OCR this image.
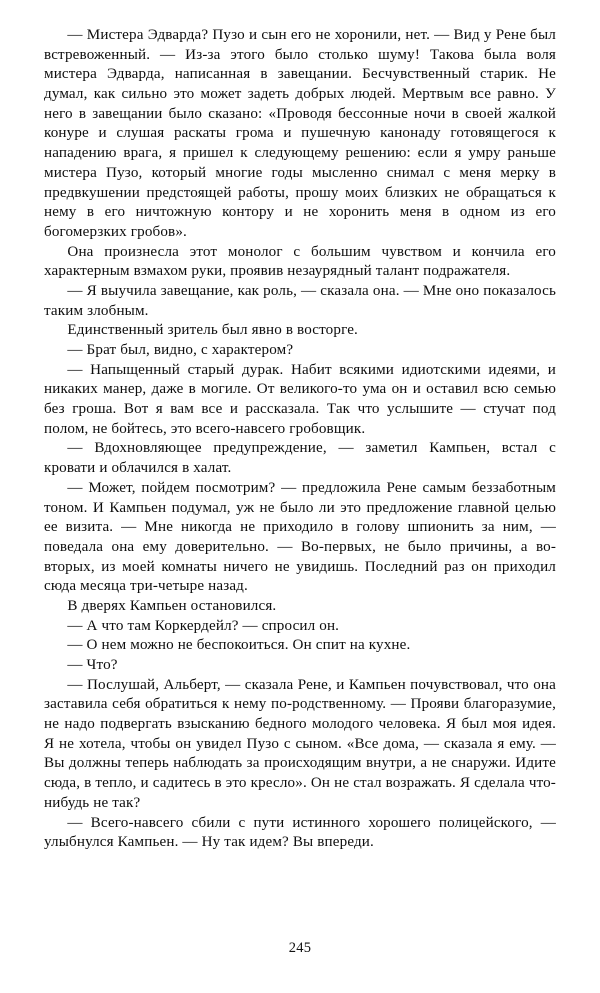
— Мистера Эдварда? Пузо и сын его не хоронили, нет. — Вид у Рене был встревоженный. — Из-за этого было столько шуму! Такова была воля мистера Эдварда, написанная в завещании. Бесчувственный старик. Не думал, как сильно это может задеть добрых людей. Мертвым все равно. У него в завещании было сказано: «Проводя бессонные ночи в своей жалкой конуре и слушая раскаты грома и пушечную канонаду готовящегося к нападению врага, я пришел к следующему решению: если я умру раньше мистера Пузо, который многие годы мысленно снимал с меня мерку в предвкушении предстоящей работы, прошу моих близких не обращаться к нему в его ничтожную контору и не хоронить меня в одном из его богомерзких гробов».

Она произнесла этот монолог с большим чувством и кончила его характерным взмахом руки, проявив незаурядный талант подражателя.

— Я выучила завещание, как роль, — сказала она. — Мне оно показалось таким злобным.

Единственный зритель был явно в восторге.

— Брат был, видно, с характером?

— Напыщенный старый дурак. Набит всякими идиотскими идеями, и никаких манер, даже в могиле. От великого-то ума он и оставил всю семью без гроша. Вот я вам все и рассказала. Так что услышите — стучат под полом, не бойтесь, это всего-навсего гробовщик.

— Вдохновляющее предупреждение, — заметил Кампьен, встал с кровати и облачился в халат.

— Может, пойдем посмотрим? — предложила Рене самым беззаботным тоном. И Кампьен подумал, уж не было ли это предложение главной целью ее визита. — Мне никогда не приходило в голову шпионить за ним, — поведала она ему доверительно. — Во-первых, не было причины, а во-вторых, из моей комнаты ничего не увидишь. Последний раз он приходил сюда месяца три-четыре назад.

В дверях Кампьен остановился.

— А что там Коркердейл? — спросил он.

— О нем можно не беспокоиться. Он спит на кухне.

— Что?

— Послушай, Альберт, — сказала Рене, и Кампьен почувствовал, что она заставила себя обратиться к нему по-родственному. — Прояви благоразумие, не надо подвергать взысканию бедного молодого человека. Я был моя идея. Я не хотела, чтобы он увидел Пузо с сыном. «Все дома, — сказала я ему. — Вы должны теперь наблюдать за происходящим внутри, а не снаружи. Идите сюда, в тепло, и садитесь в это кресло». Он не стал возражать. Я сделала что-нибудь не так?

— Всего-навсего сбили с пути истинного хорошего полицейского, — улыбнулся Кампьен. — Ну так идем? Вы впереди.

245
